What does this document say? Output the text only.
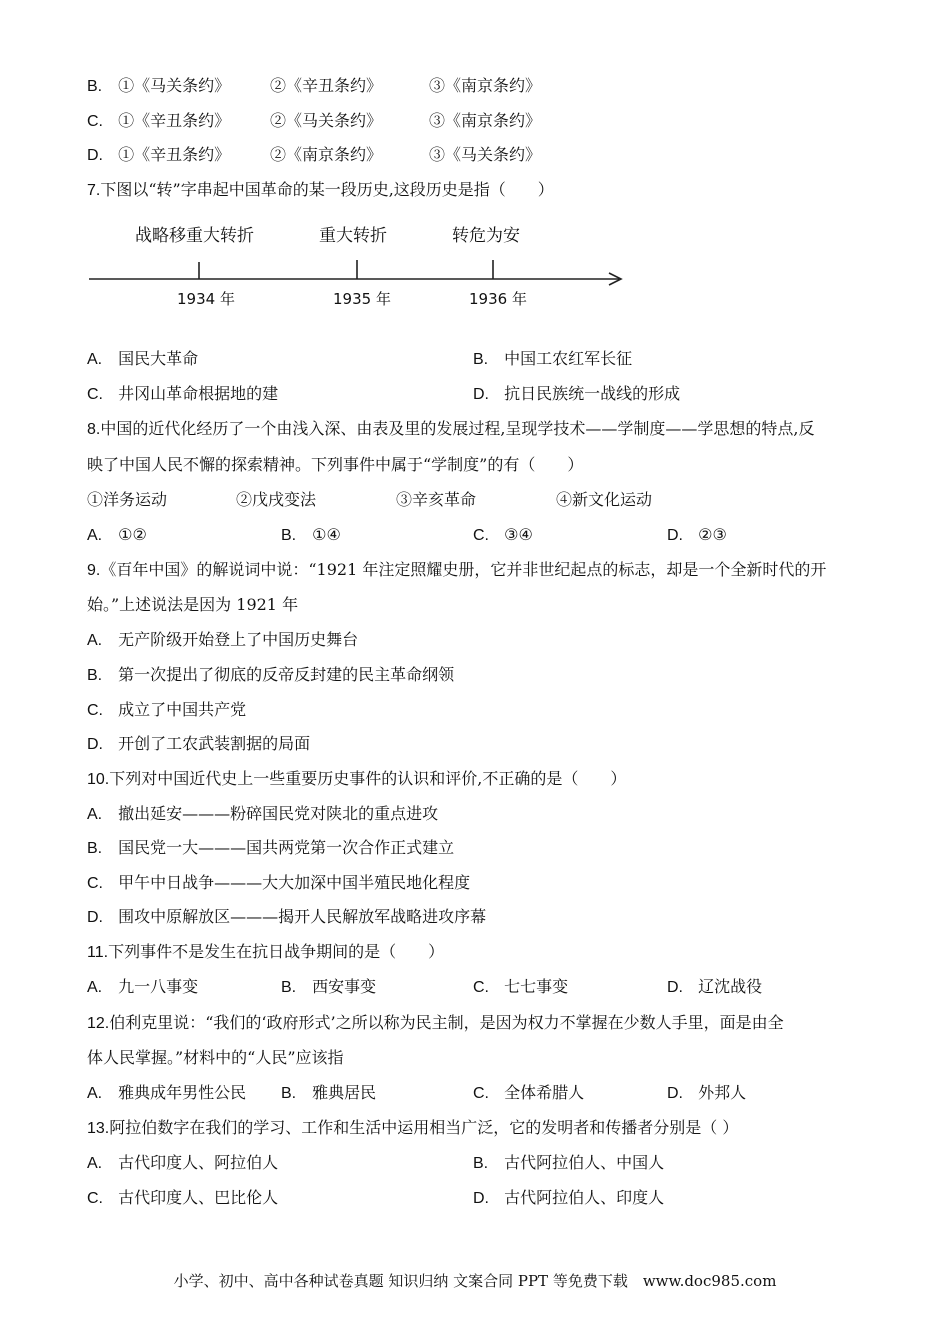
B. ①《马关条约》 ②《辛丑条约》	③《南京条约》
C. ①《辛丑条约》 ②《马关条约》	③《南京条约》
D. ①《辛丑条约》 ②《南京条约》	③《马关条约》
7.下图以“转”字串起中国革命的某一段历史,这段历史是指（　　）
战略移重大转折	重大转折	转危为安
1934 年	1935 年	1936 年
A. 国民大革命	B. 中国工农红军长征
C. 井冈山革命根据地的建	D. 抗日民族统一战线的形成
8.中国的近代化经历了一个由浅入深、由表及里的发展过程,呈现学技术——学制度——学思想的特点,反
映了中国人民不懈的探索精神。下列事件中属于“学制度”的有（　　）
①洋务运动	②戊戌变法	③辛亥革命	④新文化运动
A. ①②	B. ①④	C. ③④	D. ②③
9.《百年中国》的解说词中说：“1921 年注定照耀史册，它并非世纪起点的标志，却是一个全新时代的开
始。”上述说法是因为 1921 年
A. 无产阶级开始登上了中国历史舞台
B. 第一次提出了彻底的反帝反封建的民主革命纲领
C. 成立了中国共产党
D. 开创了工农武装割据的局面
10.下列对中国近代史上一些重要历史事件的认识和评价,不正确的是（　　）
A. 撤出延安———粉碎国民党对陕北的重点进攻
B. 国民党一大———国共两党第一次合作正式建立
C. 甲午中日战争———大大加深中国半殖民地化程度
D. 围攻中原解放区———揭开人民解放军战略进攻序幕
11.下列事件不是发生在抗日战争期间的是（　　）
A. 九一八事变	B. 西安事变	C. 七七事变	D. 辽沈战役
12.伯利克里说：“我们的‘政府形式’之所以称为民主制，是因为权力不掌握在少数人手里，面是由全
体人民掌握。”材料中的“人民”应该指
A. 雅典成年男性公民 B. 雅典居民	C. 全体希腊人	D. 外邦人
13.阿拉伯数字在我们的学习、工作和生活中运用相当广泛，它的发明者和传播者分别是（ ）
A. 古代印度人、阿拉伯人	B. 古代阿拉伯人、中国人
C. 古代印度人、巴比伦人	D. 古代阿拉伯人、印度人
小学、初中、高中各种试卷真题 知识归纳 文案合同 PPT 等免费下载　www.doc985.com
